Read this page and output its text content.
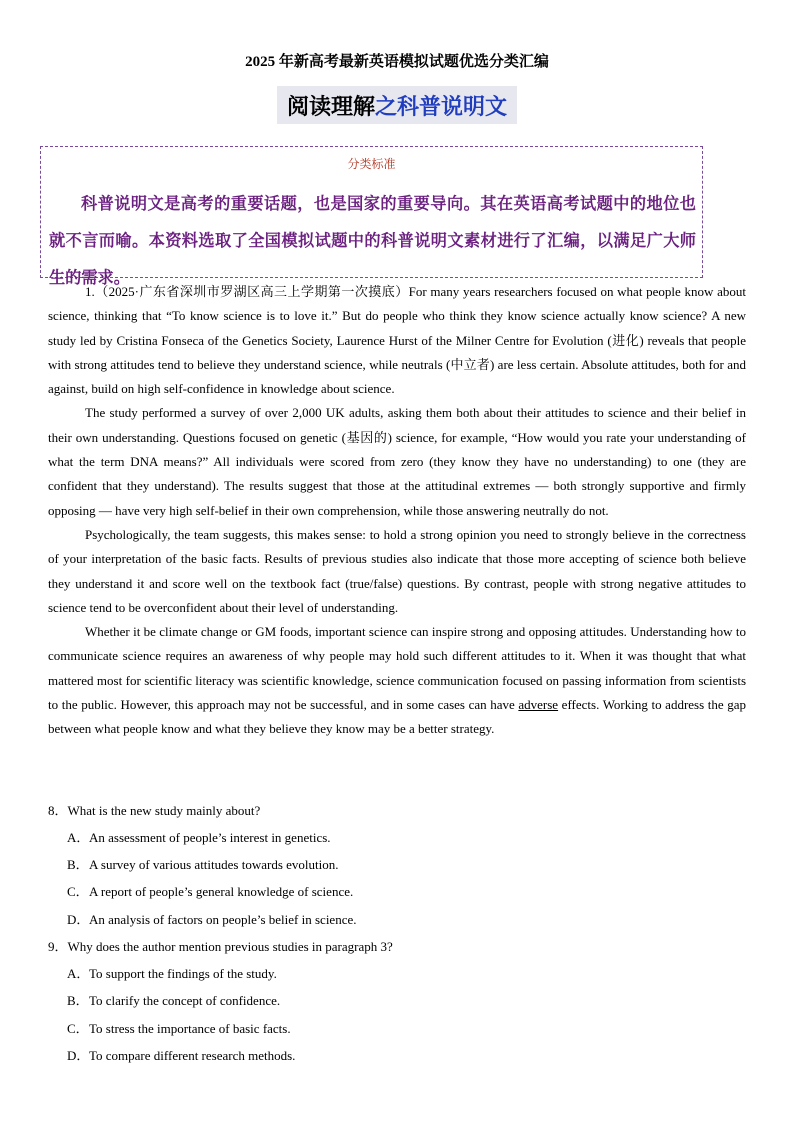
2025 年新高考最新英语模拟试题优选分类汇编
阅读理解 之科普说明文
分类标准
科普说明文是高考的重要话题，也是国家的重要导向。其在英语高考试题中的地位也就不言而喻。本资料选取了全国模拟试题中的科普说明文素材进行了汇编，以满足广大师生的需求。

1.（2025·广东省深圳市罗湖区高三上学期第一次摸底）For many years researchers focused on what people know about science, thinking that “To know science is to love it.” But do people who think they know science actually know science? A new study led by Cristina Fonseca of the Genetics Society, Laurence Hurst of the Milner Centre for Evolution (进化) reveals that people with strong attitudes tend to believe they understand science, while neutrals (中立者) are less certain. Absolute attitudes, both for and against, build on high self-confidence in knowledge about science.

The study performed a survey of over 2,000 UK adults, asking them both about their attitudes to science and their belief in their own understanding. Questions focused on genetic (基因的) science, for example, “How would you rate your understanding of what the term DNA means?” All individuals were scored from zero (they know they have no understanding) to one (they are confident that they understand). The results suggest that those at the attitudinal extremes — both strongly supportive and firmly opposing — have very high self-belief in their own comprehension, while those answering neutrally do not.

Psychologically, the team suggests, this makes sense: to hold a strong opinion you need to strongly believe in the correctness of your interpretation of the basic facts. Results of previous studies also indicate that those more accepting of science both believe they understand it and score well on the textbook fact (true/false) questions. By contrast, people with strong negative attitudes to science tend to be overconfident about their level of understanding.

Whether it be climate change or GM foods, important science can inspire strong and opposing attitudes. Understanding how to communicate science requires an awareness of why people may hold such different attitudes to it. When it was thought that what mattered most for scientific literacy was scientific knowledge, science communication focused on passing information from scientists to the public. However, this approach may not be successful, and in some cases can have adverse effects. Working to address the gap between what people know and what they believe they know may be a better strategy.

8．What is the new study mainly about?
A．An assessment of people’s interest in genetics.
B．A survey of various attitudes towards evolution.
C．A report of people’s general knowledge of science.
D．An analysis of factors on people’s belief in science.
9．Why does the author mention previous studies in paragraph 3?
A．To support the findings of the study.
B．To clarify the concept of confidence.
C．To stress the importance of basic facts.
D．To compare different research methods.
